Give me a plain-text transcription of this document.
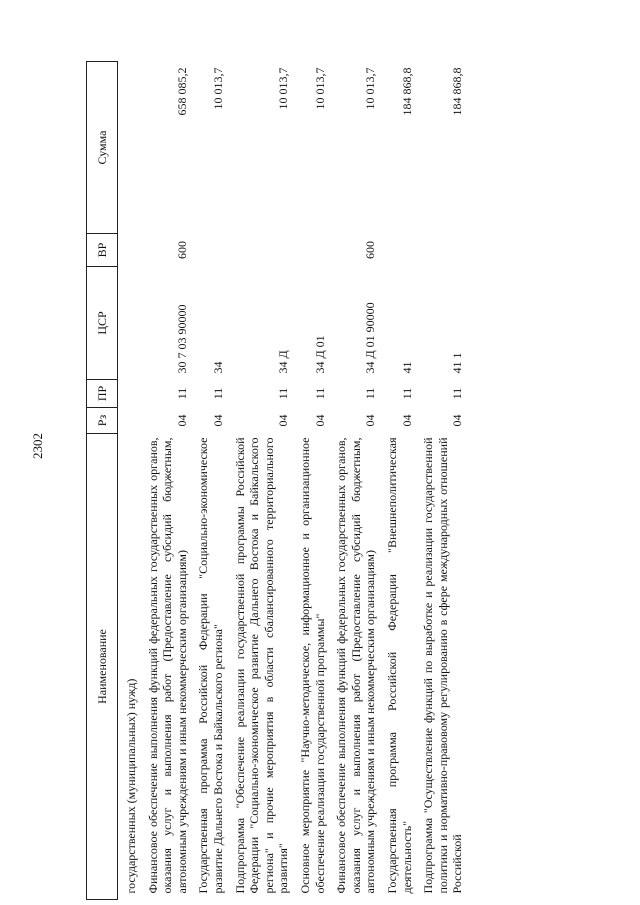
2302
Наименование	Рз	ПР	ЦСР	ВР	Сумма
государственных (муниципальных) нужд)					

Финансовое обеспечение выполнения функций федеральных государственных органов, оказания услуг и выполнения работ (Предоставление субсидий бюджетным, автономным учреждениям и иным некоммерческим организациям)	04	11	30 7 03 90000	600	658 085,2

Государственная программа Российской Федерации "Социально-экономическое развитие Дальнего Востока и Байкальского региона"	04	11	34		10 013,7

Подпрограмма "Обеспечение реализации государственной программы Российской Федерации "Социально-экономическое развитие Дальнего Востока и Байкальского региона" и прочие мероприятия в области сбалансированного территориального развития"	04	11	34 Д		10 013,7

Основное мероприятие "Научно-методическое, информационное и организационное обеспечение реализации государственной программы"	04	11	34 Д 01		10 013,7

Финансовое обеспечение выполнения функций федеральных государственных органов, оказания услуг и выполнения работ (Предоставление субсидий бюджетным, автономным учреждениям и иным некоммерческим организациям)	04	11	34 Д 01 90000	600	10 013,7

Государственная программа Российской Федерации "Внешнеполитическая деятельность"	04	11	41		184 868,8

Подпрограмма "Осуществление функций по выработке и реализации государственной политики и нормативно-правовому регулированию в сфере международных отношений Российской	04	11	41 1		184 868,8
